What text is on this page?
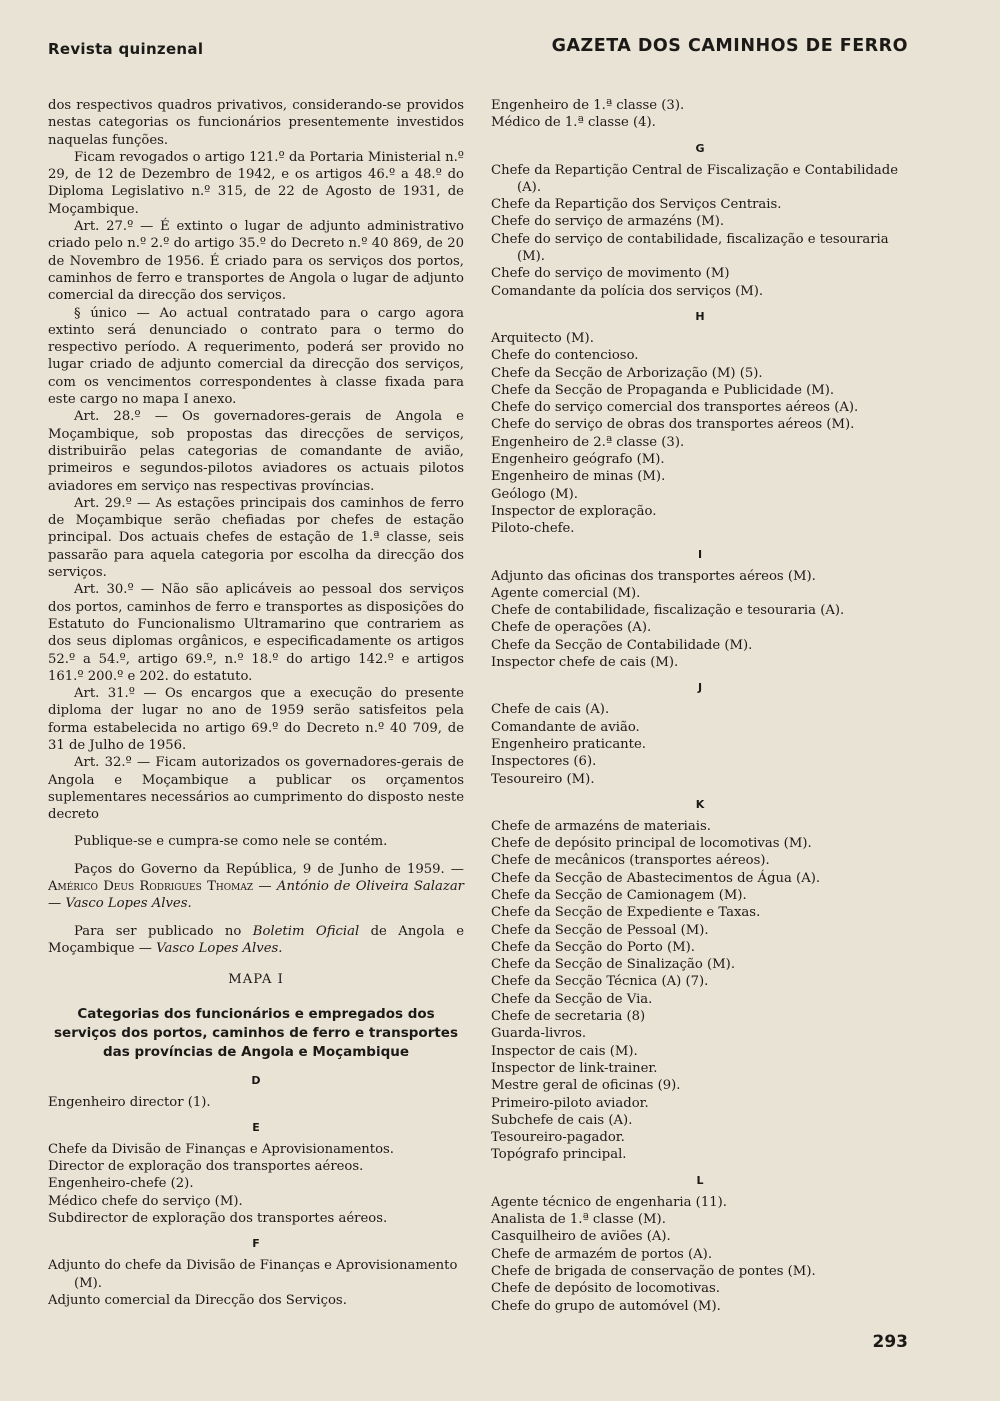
Revista quinzenal	GAZETA DOS CAMINHOS DE FERRO

dos respectivos quadros privativos, considerando-se providos nestas categorias os funcionários presentemente investidos naquelas funções.

Ficam revogados o artigo 121.º da Portaria Ministerial n.º 29, de 12 de Dezembro de 1942, e os artigos 46.º a 48.º do Diploma Legislativo n.º 315, de 22 de Agosto de 1931, de Moçambique.

Art. 27.º — É extinto o lugar de adjunto administrativo criado pelo n.º 2.º do artigo 35.º do Decreto n.º 40 869, de 20 de Novembro de 1956. É criado para os serviços dos portos, caminhos de ferro e transportes de Angola o lugar de adjunto comercial da direcção dos serviços.

§ único — Ao actual contratado para o cargo agora extinto será denunciado o contrato para o termo do respectivo período. A requerimento, poderá ser provido no lugar criado de adjunto comercial da direcção dos serviços, com os vencimentos correspondentes à classe fixada para este cargo no mapa I anexo.

Art. 28.º — Os governadores-gerais de Angola e Moçambique, sob propostas das direcções de serviços, distribuirão pelas categorias de comandante de avião, primeiros e segundos-pilotos aviadores os actuais pilotos aviadores em serviço nas respectivas províncias.

Art. 29.º — As estações principais dos caminhos de ferro de Moçambique serão chefiadas por chefes de estação principal. Dos actuais chefes de estação de 1.ª classe, seis passarão para aquela categoria por escolha da direcção dos serviços.

Art. 30.º — Não são aplicáveis ao pessoal dos serviços dos portos, caminhos de ferro e transportes as disposições do Estatuto do Funcionalismo Ultramarino que contrariem as dos seus diplomas orgânicos, e especificadamente os artigos 52.º a 54.º, artigo 69.º, n.º 18.º do artigo 142.º e artigos 161.º 200.º e 202. do estatuto.

Art. 31.º — Os encargos que a execução do presente diploma der lugar no ano de 1959 serão satisfeitos pela forma estabelecida no artigo 69.º do Decreto n.º 40 709, de 31 de Julho de 1956.

Art. 32.º — Ficam autorizados os governadores-gerais de Angola e Moçambique a publicar os orçamentos suplementares necessários ao cumprimento do disposto neste decreto

Publique-se e cumpra-se como nele se contém.

Paços do Governo da República, 9 de Junho de 1959. — Américo Deus Rodrigues Thomaz — António de Oliveira Salazar — Vasco Lopes Alves.

Para ser publicado no Boletim Oficial de Angola e Moçambique — Vasco Lopes Alves.

MAPA I
Categorias dos funcionários e empregados dos serviços dos portos, caminhos de ferro e transportes das províncias de Angola e Moçambique
D

Engenheiro director (1).

E

Chefe da Divisão de Finanças e Aprovisionamentos.

Director de exploração dos transportes aéreos.

Engenheiro-chefe (2).

Médico chefe do serviço (M).

Subdirector de exploração dos transportes aéreos.

F

Adjunto do chefe da Divisão de Finanças e Aprovisionamento (M).

Adjunto comercial da Direcção dos Serviços.

Engenheiro de 1.ª classe (3).

Médico de 1.ª classe (4).

G

Chefe da Repartição Central de Fiscalização e Contabilidade (A).

Chefe da Repartição dos Serviços Centrais.

Chefe do serviço de armazéns (M).

Chefe do serviço de contabilidade, fiscalização e tesouraria (M).

Chefe do serviço de movimento (M)

Comandante da polícia dos serviços (M).

H

Arquitecto (M).

Chefe do contencioso.

Chefe da Secção de Arborização (M) (5).

Chefe da Secção de Propaganda e Publicidade (M).

Chefe do serviço comercial dos transportes aéreos (A).

Chefe do serviço de obras dos transportes aéreos (M).

Engenheiro de 2.ª classe (3).

Engenheiro geógrafo (M).

Engenheiro de minas (M).

Geólogo (M).

Inspector de exploração.

Piloto-chefe.

I

Adjunto das oficinas dos transportes aéreos (M).

Agente comercial (M).

Chefe de contabilidade, fiscalização e tesouraria (A).

Chefe de operações (A).

Chefe da Secção de Contabilidade (M).

Inspector chefe de cais (M).

J

Chefe de cais (A).

Comandante de avião.

Engenheiro praticante.

Inspectores (6).

Tesoureiro (M).

K

Chefe de armazéns de materiais.

Chefe de depósito principal de locomotivas (M).

Chefe de mecânicos (transportes aéreos).

Chefe da Secção de Abastecimentos de Água (A).

Chefe da Secção de Camionagem (M).

Chefe da Secção de Expediente e Taxas.

Chefe da Secção de Pessoal (M).

Chefe da Secção do Porto (M).

Chefe da Secção de Sinalização (M).

Chefe da Secção Técnica (A) (7).

Chefe da Secção de Via.

Chefe de secretaria (8)

Guarda-livros.

Inspector de cais (M).

Inspector de link-trainer.

Mestre geral de oficinas (9).

Primeiro-piloto aviador.

Subchefe de cais (A).

Tesoureiro-pagador.

Topógrafo principal.

L

Agente técnico de engenharia (11).

Analista de 1.ª classe (M).

Casquilheiro de aviões (A).

Chefe de armazém de portos (A).

Chefe de brigada de conservação de pontes (M).

Chefe de depósito de locomotivas.

Chefe do grupo de automóvel (M).

293
